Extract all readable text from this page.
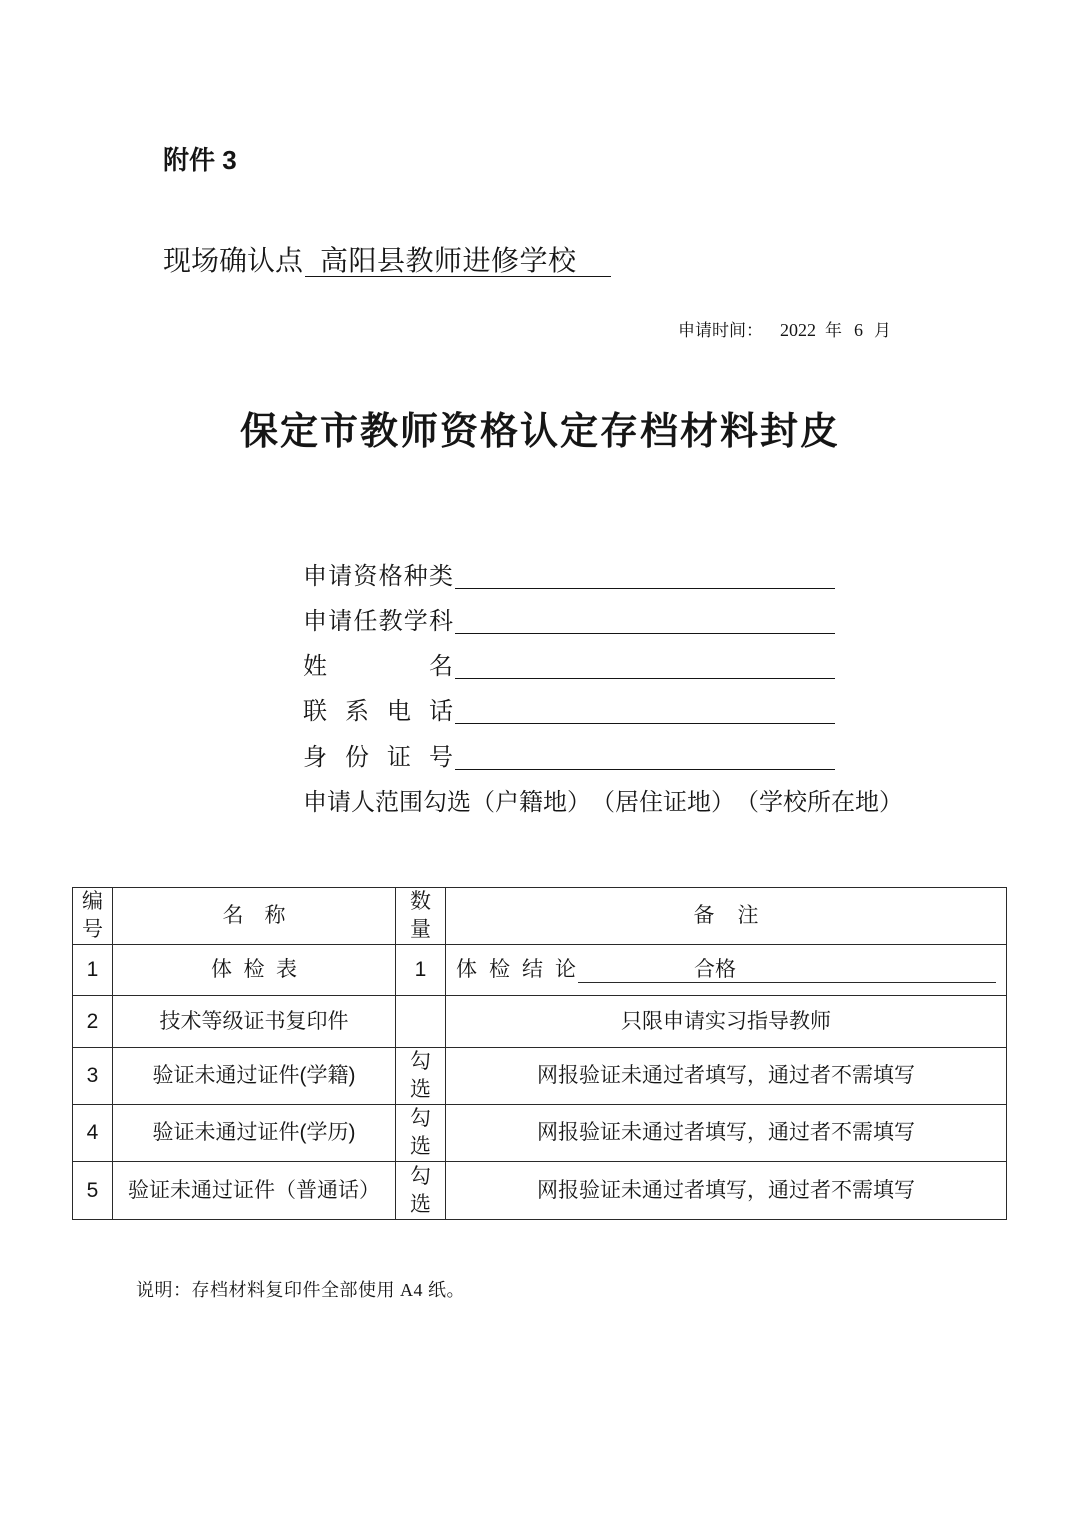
附件 3
现场确认点 高阳县教师进修学校
申请时间： 2022 年 6 月
保定市教师资格认定存档材料封皮
申请资格种类
申请任教学科
姓 名
联 系 电 话
身 份 证 号
申请人范围勾选 （户籍地） （居住证地） （学校所在地）
编号	名 称	数量	备 注
1	体 检 表	1	体 检 结 论 合格

2	技术等级证书复印件		只限申请实习指导教师
3	验证未通过证件(学籍)	勾选	网报验证未通过者填写，通过者不需填写
4	验证未通过证件(学历)	勾选	网报验证未通过者填写，通过者不需填写
5	验证未通过证件（普通话）	勾选	网报验证未通过者填写，通过者不需填写
说明：存档材料复印件全部使用 A4 纸。
